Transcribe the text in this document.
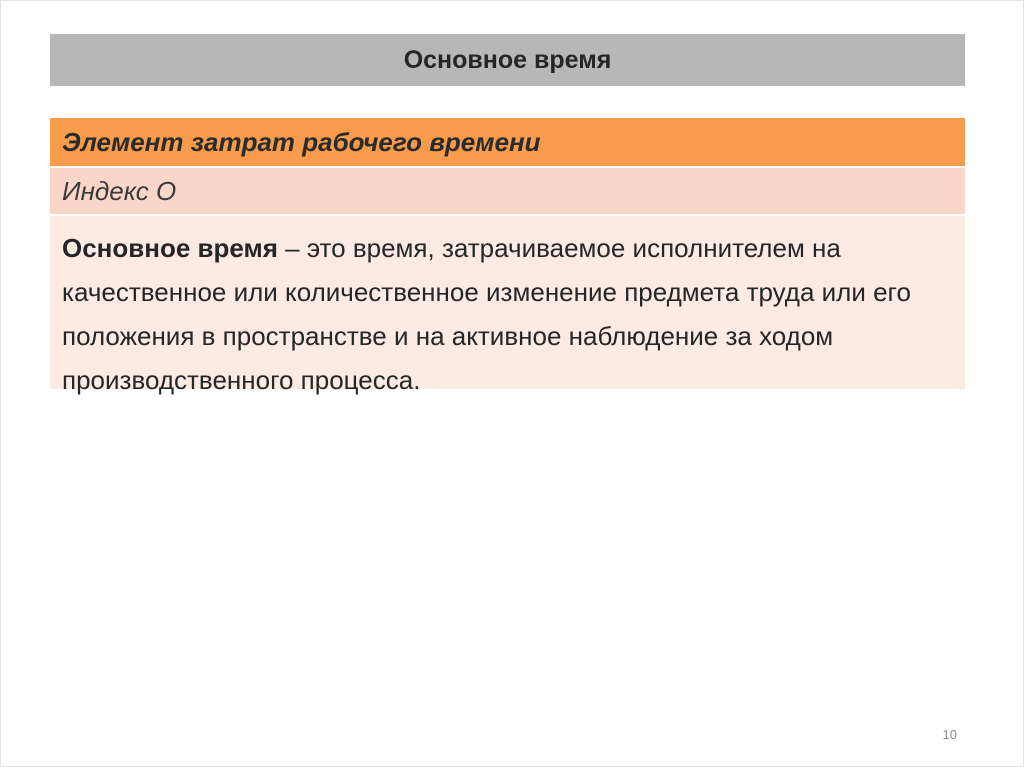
Основное время
Элемент затрат рабочего времени
Индекс О

Основное время – это время, затрачиваемое исполнителем на качественное или количественное изменение предмета труда или его положения в пространстве и на активное наблюдение за ходом производственного процесса.

10
